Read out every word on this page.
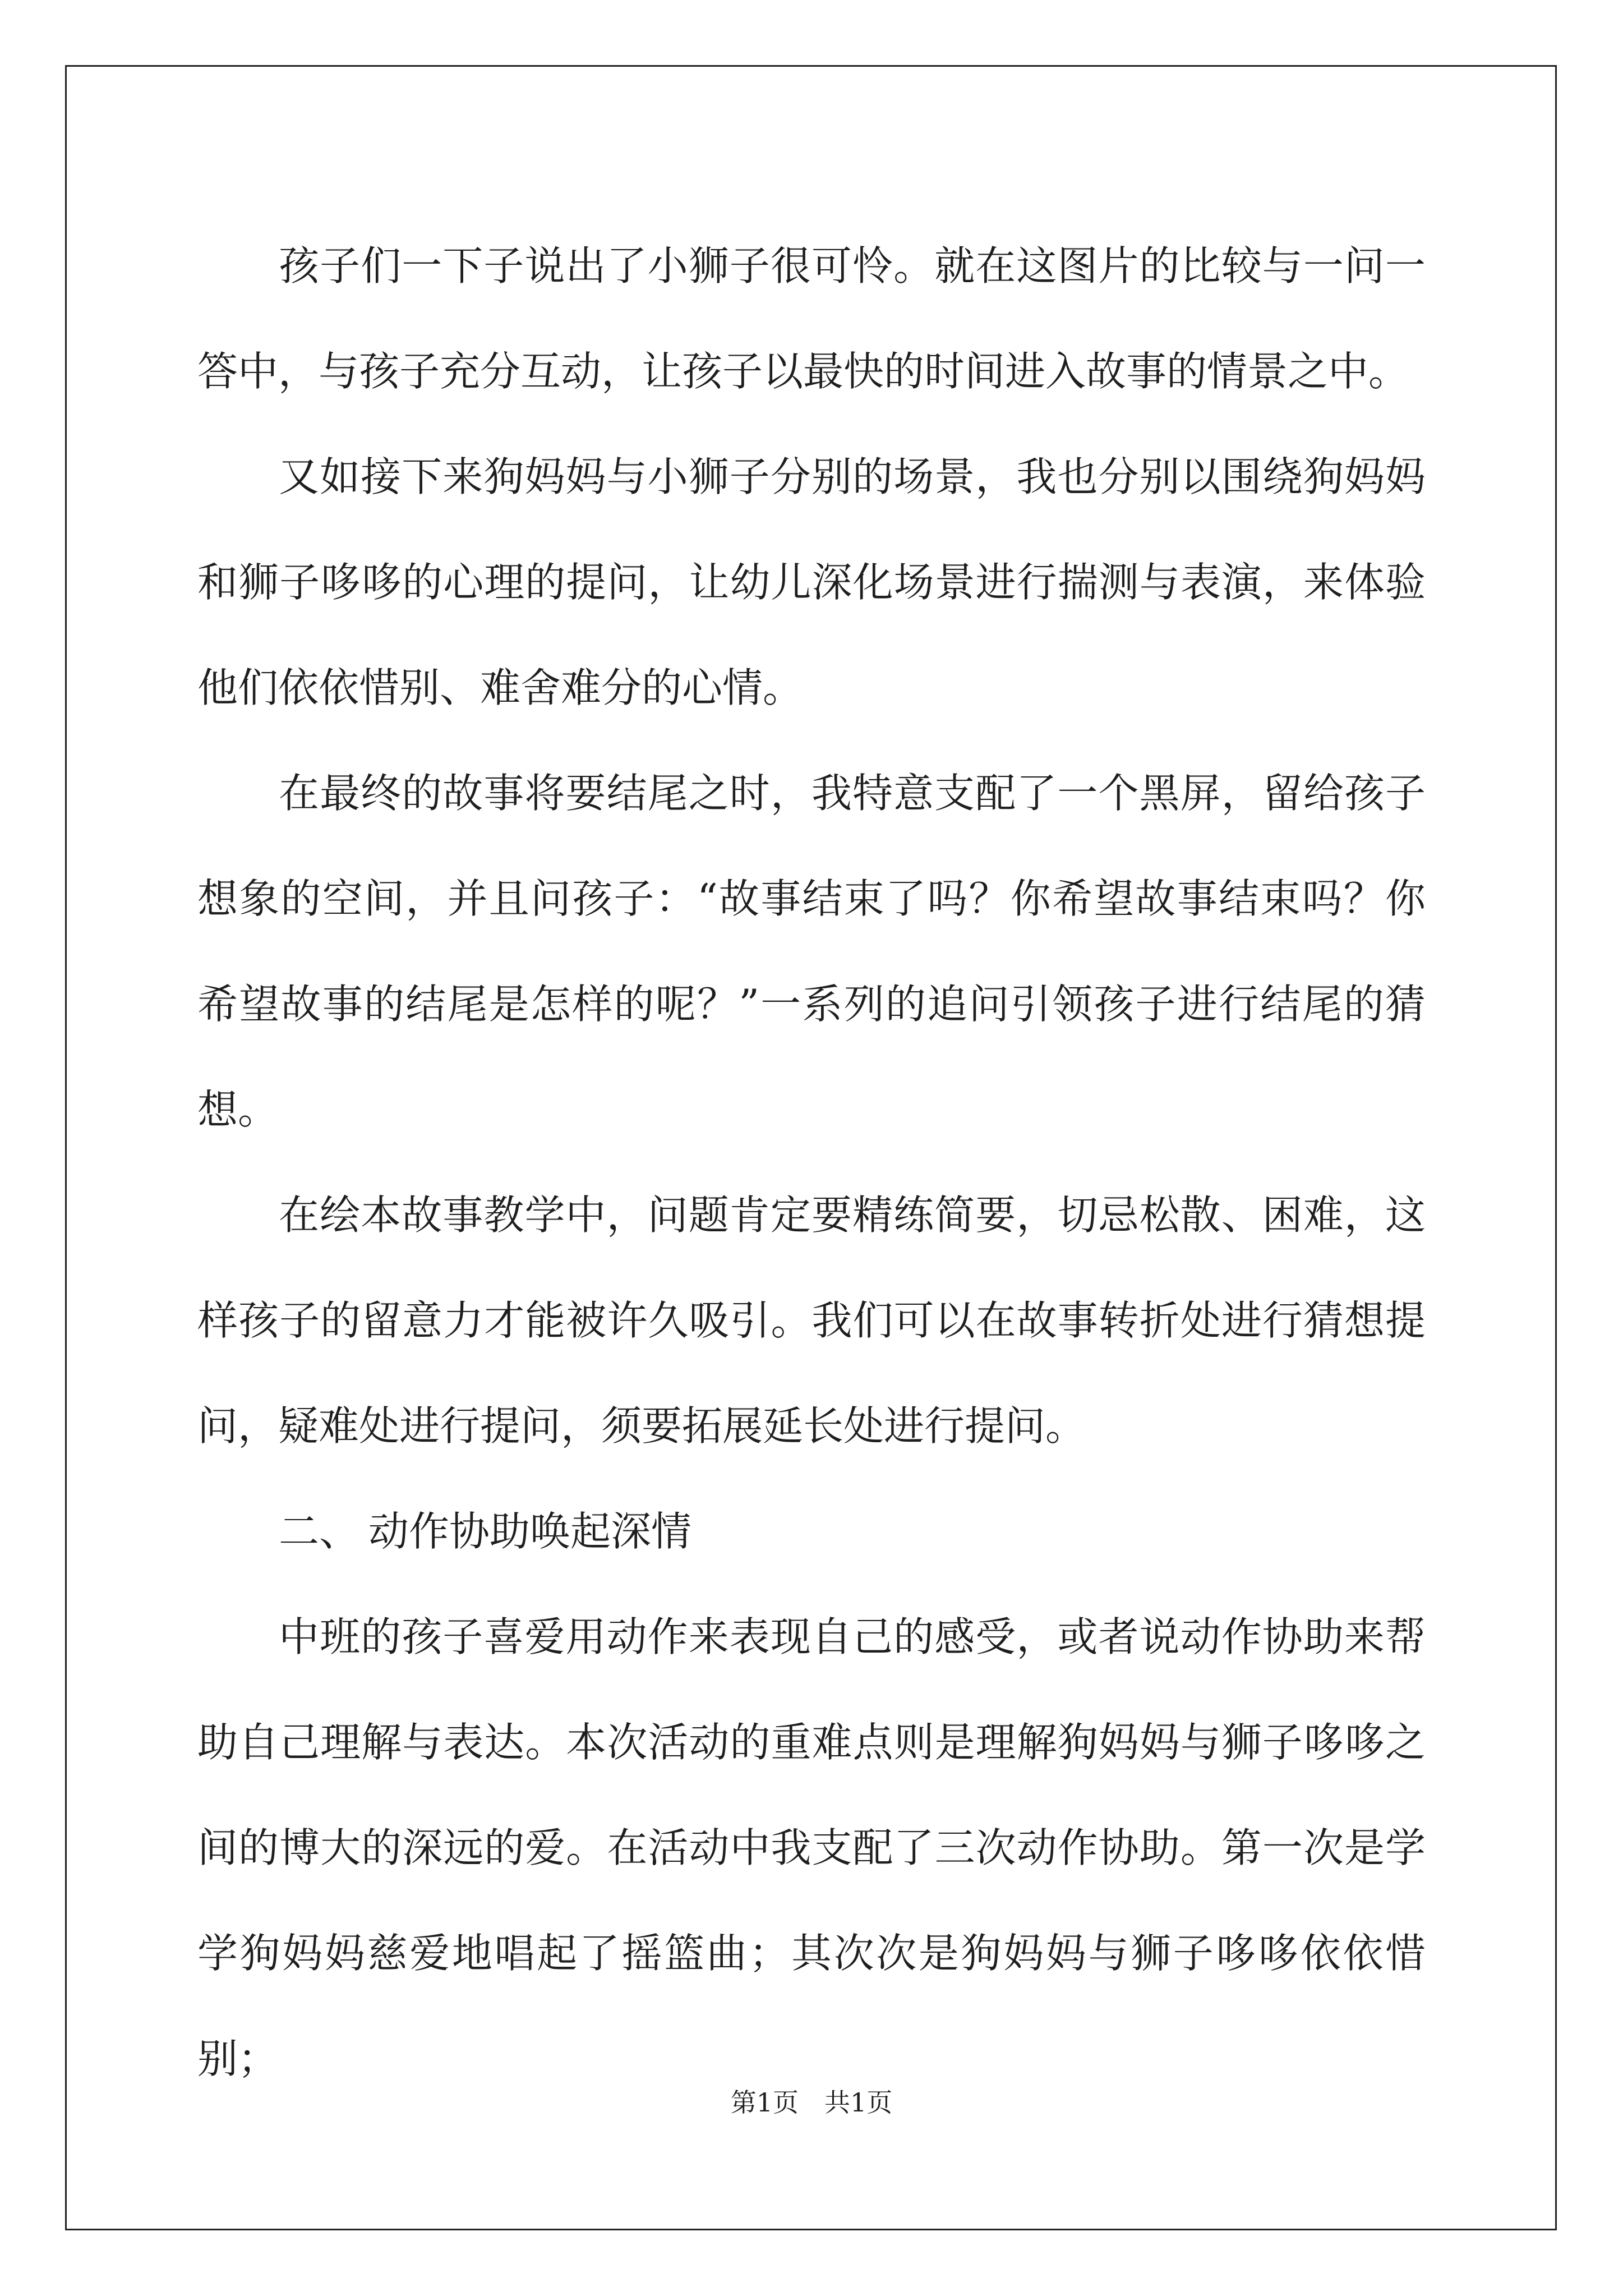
孩子们一下子说出了小狮子很可怜。就在这图片的比较与一问一答中，与孩子充分互动，让孩子以最快的时间进入故事的情景之中。

又如接下来狗妈妈与小狮子分别的场景，我也分别以围绕狗妈妈和狮子哆哆的心理的提问，让幼儿深化场景进行揣测与表演，来体验他们依依惜别、难舍难分的心情。

在最终的故事将要结尾之时，我特意支配了一个黑屏，留给孩子想象的空间，并且问孩子：“故事结束了吗？你希望故事结束吗？你希望故事的结尾是怎样的呢？”一系列的追问引领孩子进行结尾的猜想。

在绘本故事教学中，问题肯定要精练简要，切忌松散、困难，这样孩子的留意力才能被许久吸引。我们可以在故事转折处进行猜想提问，疑难处进行提问，须要拓展延长处进行提问。

二、 动作协助唤起深情

中班的孩子喜爱用动作来表现自己的感受，或者说动作协助来帮助自己理解与表达。本次活动的重难点则是理解狗妈妈与狮子哆哆之间的博大的深远的爱。在活动中我支配了三次动作协助。第一次是学学狗妈妈慈爱地唱起了摇篮曲；其次次是狗妈妈与狮子哆哆依依惜别；

第1页　共1页
